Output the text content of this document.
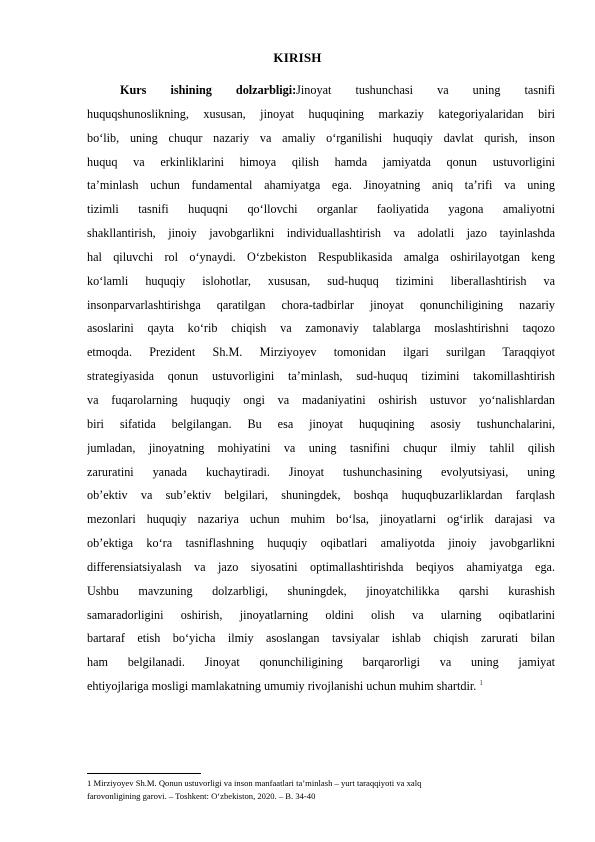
KIRISH
Kurs ishining dolzarbligi:Jinoyat tushunchasi va uning tasnifi
huquqshunoslikning, xususan, jinoyat huquqining markaziy kategoriyalaridan biri
bo‘lib, uning chuqur nazariy va amaliy o‘rganilishi huquqiy davlat qurish, inson
huquq va erkinliklarini himoya qilish hamda jamiyatda qonun ustuvorligini
ta’minlash uchun fundamental ahamiyatga ega. Jinoyatning aniq ta’rifi va uning
tizimli tasnifi huquqni qo‘llovchi organlar faoliyatida yagona amaliyotni
shakllantirish, jinoiy javobgarlikni individuallashtirish va adolatli jazo tayinlashda
hal qiluvchi rol o‘ynaydi. O‘zbekiston Respublikasida amalga oshirilayotgan keng
ko‘lamli huquqiy islohotlar, xususan, sud-huquq tizimini liberallashtirish va
insonparvarlashtirishga qaratilgan chora-tadbirlar jinoyat qonunchiligining nazariy
asoslarini qayta ko‘rib chiqish va zamonaviy talablarga moslashtirishni taqozo
etmoqda. Prezident Sh.M. Mirziyoyev tomonidan ilgari surilgan Taraqqiyot
strategiyasida qonun ustuvorligini ta’minlash, sud-huquq tizimini takomillashtirish
va fuqarolarning huquqiy ongi va madaniyatini oshirish ustuvor yo‘nalishlardan
biri sifatida belgilangan. Bu esa jinoyat huquqining asosiy tushunchalarini,
jumladan, jinoyatning mohiyatini va uning tasnifini chuqur ilmiy tahlil qilish
zaruratini yanada kuchaytiradi. Jinoyat tushunchasining evolyutsiyasi, uning
ob’ektiv va sub’ektiv belgilari, shuningdek, boshqa huquqbuzarliklardan farqlash
mezonlari huquqiy nazariya uchun muhim bo‘lsa, jinoyatlarni og‘irlik darajasi va
ob’ektiga ko‘ra tasniflashning huquqiy oqibatlari amaliyotda jinoiy javobgarlikni
differensiatsiyalash va jazo siyosatini optimallashtirishda beqiyos ahamiyatga ega.
Ushbu mavzuning dolzarbligi, shuningdek, jinoyatchilikka qarshi kurashish
samaradorligini oshirish, jinoyatlarning oldini olish va ularning oqibatlarini
bartaraf etish bo‘yicha ilmiy asoslangan tavsiyalar ishlab chiqish zarurati bilan
ham belgilanadi. Jinoyat qonunchiligining barqarorligi va uning jamiyat
ehtiyojlariga mosligi mamlakatning umumiy rivojlanishi uchun muhim shartdir. $^1$
1 Mirziyoyev Sh.M. Qonun ustuvorligi va inson manfaatlari ta’minlash – yurt taraqqiyoti va xalq
farovonligining garovi. – Toshkent: O‘zbekiston, 2020. – B. 34-40
